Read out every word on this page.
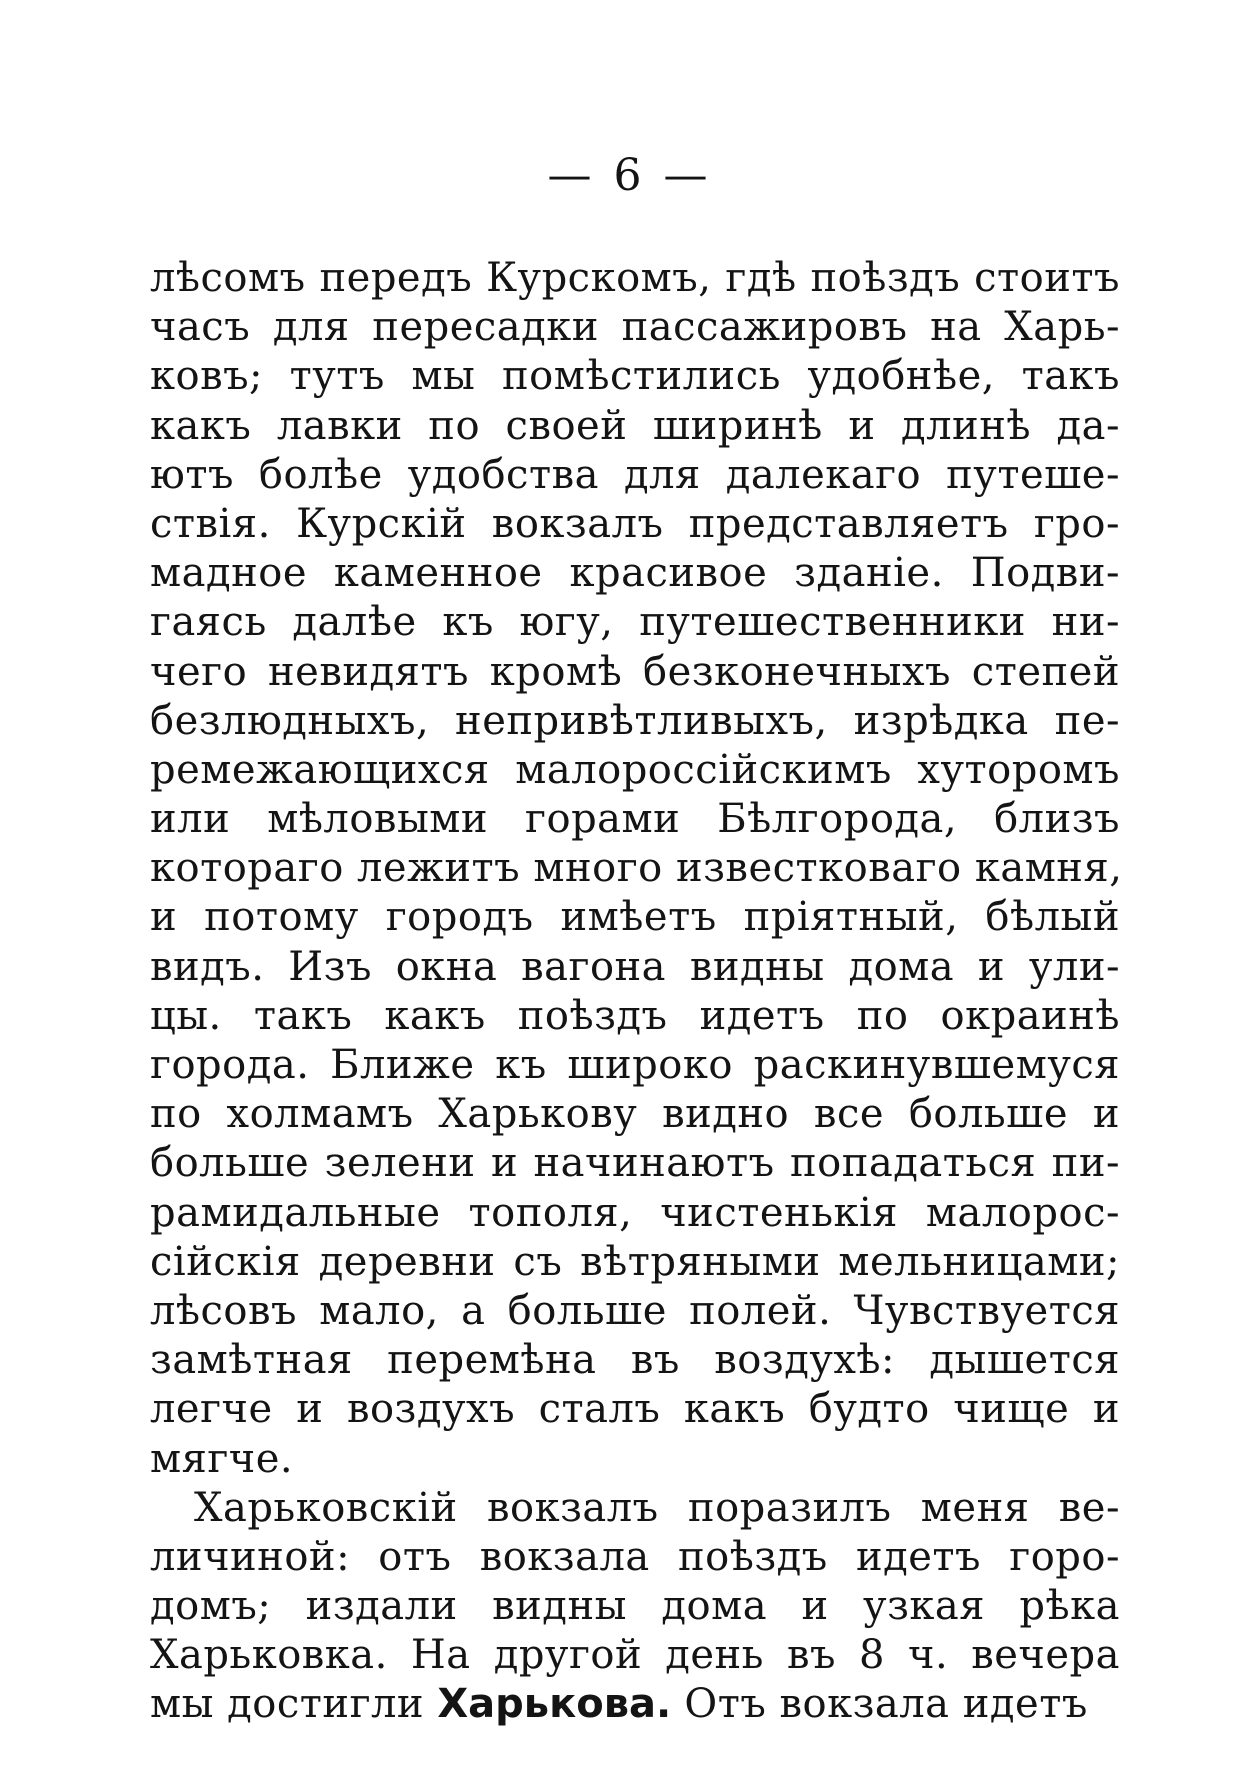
— 6 —
лѣсомъ передъ Курскомъ, гдѣ поѣздъ стоитъ
часъ для пересадки пассажировъ на Харь-
ковъ; тутъ мы помѣстились удобнѣе, такъ
какъ лавки по своей ширинѣ и длинѣ да-
ютъ болѣе удобства для далекаго путеше-
ствія. Курскій вокзалъ представляетъ гро-
мадное каменное красивое зданіе. Подви-
гаясь далѣе къ югу, путешественники ни-
чего невидятъ кромѣ безконечныхъ степей
безлюдныхъ, непривѣтливыхъ, изрѣдка пе-
ремежающихся малороссійскимъ хуторомъ
или мѣловыми горами Бѣлгорода, близъ
котораго лежитъ много известковаго камня,
и потому городъ имѣетъ пріятный, бѣлый
видъ. Изъ окна вагона видны дома и ули-
цы. такъ какъ поѣздъ идетъ по окраинѣ
города. Ближе къ широко раскинувшемуся
по холмамъ Харькову видно все больше и
больше зелени и начинаютъ попадаться пи-
рамидальные тополя, чистенькія малорос-
сійскія деревни съ вѣтряными мельницами;
лѣсовъ мало, а больше полей. Чувствуется
замѣтная перемѣна въ воздухѣ: дышется
легче и воздухъ сталъ какъ будто чище и
мягче.
Харьковскій вокзалъ поразилъ меня ве-
личиной: отъ вокзала поѣздъ идетъ горо-
домъ; издали видны дома и узкая рѣка
Харьковка. На другой день въ 8 ч. вечера
мы достигли Харькова. Отъ вокзала идетъ
